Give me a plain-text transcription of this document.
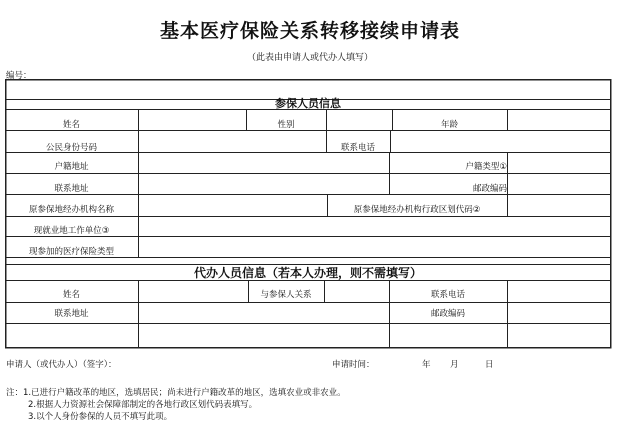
基本医疗保险关系转移接续申请表
（此表由申请人或代办人填写）
编号：
参保人员信息
姓名	性别	年龄
公民身份号码	联系电话
户籍地址	户籍类型①
联系地址	邮政编码
原参保地经办机构名称	原参保地经办机构行政区划代码②
现就业地工作单位③
现参加的医疗保险类型
代办人员信息（若本人办理，则不需填写）
姓名	与参保人关系	联系电话
联系地址	邮政编码
申请人（或代办人）（签字）：	申请时间：	年 月	日
注：1.已进行户籍改革的地区，选填居民；尚未进行户籍改革的地区，选填农业或非农业。
2.根据人力资源社会保障部制定的各地行政区划代码表填写。
3.以个人身份参保的人员不填写此项。
